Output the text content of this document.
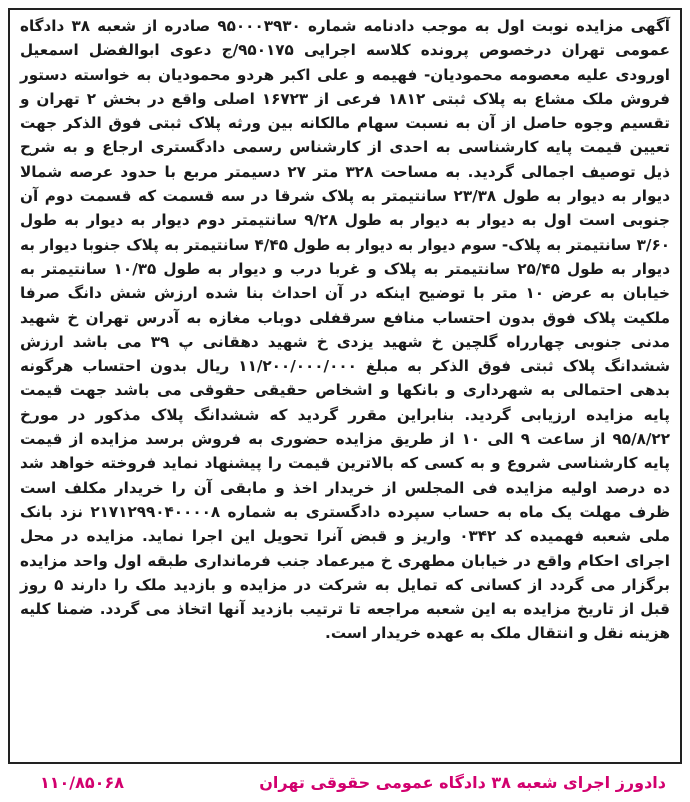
آگهی مزایده نوبت اول به موجب دادنامه شماره ۹۵۰۰۰۳۹۳۰ صادره از شعبه ۳۸ دادگاه عمومی تهران درخصوص پرونده کلاسه اجرایی ۹۵۰۱۷۵/ج دعوی ابوالفضل اسمعیل اورودی علیه معصومه محمودیان- فهیمه و علی اکبر هردو محمودیان به خواسته دستور فروش ملک مشاع به پلاک ثبتی ۱۸۱۲ فرعی از ۱۶۷۲۳ اصلی واقع در بخش ۲ تهران و تقسیم وجوه حاصل از آن به نسبت سهام مالکانه بین ورثه پلاک ثبتی فوق الذکر جهت تعیین قیمت پایه کارشناسی به احدی از کارشناس رسمی دادگستری ارجاع و به شرح ذیل توصیف اجمالی گردید. به مساحت ۳۲۸ متر ۲۷ دسیمتر مربع با حدود عرصه شمالا دیوار به دیوار به طول ۲۳/۳۸ سانتیمتر به پلاک شرقا در سه قسمت که قسمت دوم آن جنوبی است اول به دیوار به دیوار به طول ۹/۲۸ سانتیمتر دوم دیوار به دیوار به طول ۳/۶۰ سانتیمتر به پلاک- سوم دیوار به دیوار به طول ۴/۴۵ سانتیمتر به پلاک جنوبا دیوار به دیوار به طول ۲۵/۴۵ سانتیمتر به پلاک و غربا درب و دیوار به طول ۱۰/۳۵ سانتیمتر به خیابان به عرض ۱۰ متر با توضیح اینکه در آن احداث بنا شده ارزش شش دانگ صرفا ملکیت پلاک فوق بدون احتساب منافع سرقفلی دوباب مغازه به آدرس تهران خ شهید مدنی جنوبی چهارراه گلچین خ شهید یزدی خ شهید دهقانی پ ۳۹ می باشد ارزش ششدانگ پلاک ثبتی فوق الذکر به مبلغ ۱۱/۲۰۰/۰۰۰/۰۰۰ ریال بدون احتساب هرگونه بدهی احتمالی به شهرداری و بانکها و اشخاص حقیقی حقوقی می باشد جهت قیمت پایه مزایده ارزیابی گردید. بنابراین مقرر گردید که ششدانگ پلاک مذکور در مورخ ۹۵/۸/۲۲ از ساعت ۹ الی ۱۰ از طریق مزایده حضوری به فروش برسد مزایده از قیمت پایه کارشناسی شروع و به کسی که بالاترین قیمت را پیشنهاد نماید فروخته خواهد شد ده درصد اولیه مزایده فی المجلس از خریدار اخذ و مابقی آن را خریدار مکلف است ظرف مهلت یک ماه به حساب سپرده دادگستری به شماره ۲۱۷۱۲۹۹۰۴۰۰۰۰۸ نزد بانک ملی شعبه فهمیده کد ۰۳۴۲ واریز و قبض آنرا تحویل این اجرا نماید. مزایده در محل اجرای احکام واقع در خیابان مطهری خ میرعماد جنب فرمانداری طبقه اول واحد مزایده برگزار می گردد از کسانی که تمایل به شرکت در مزایده و بازدید ملک را دارند ۵ روز قبل از تاریخ مزایده به این شعبه مراجعه تا ترتیب بازدید آنها اتخاذ می گردد. ضمنا کلیه هزینه نقل و انتقال ملک به عهده خریدار است.

دادورز اجرای شعبه ۳۸ دادگاه عمومی حقوقی تهران
۱۱۰/۸۵۰۶۸
